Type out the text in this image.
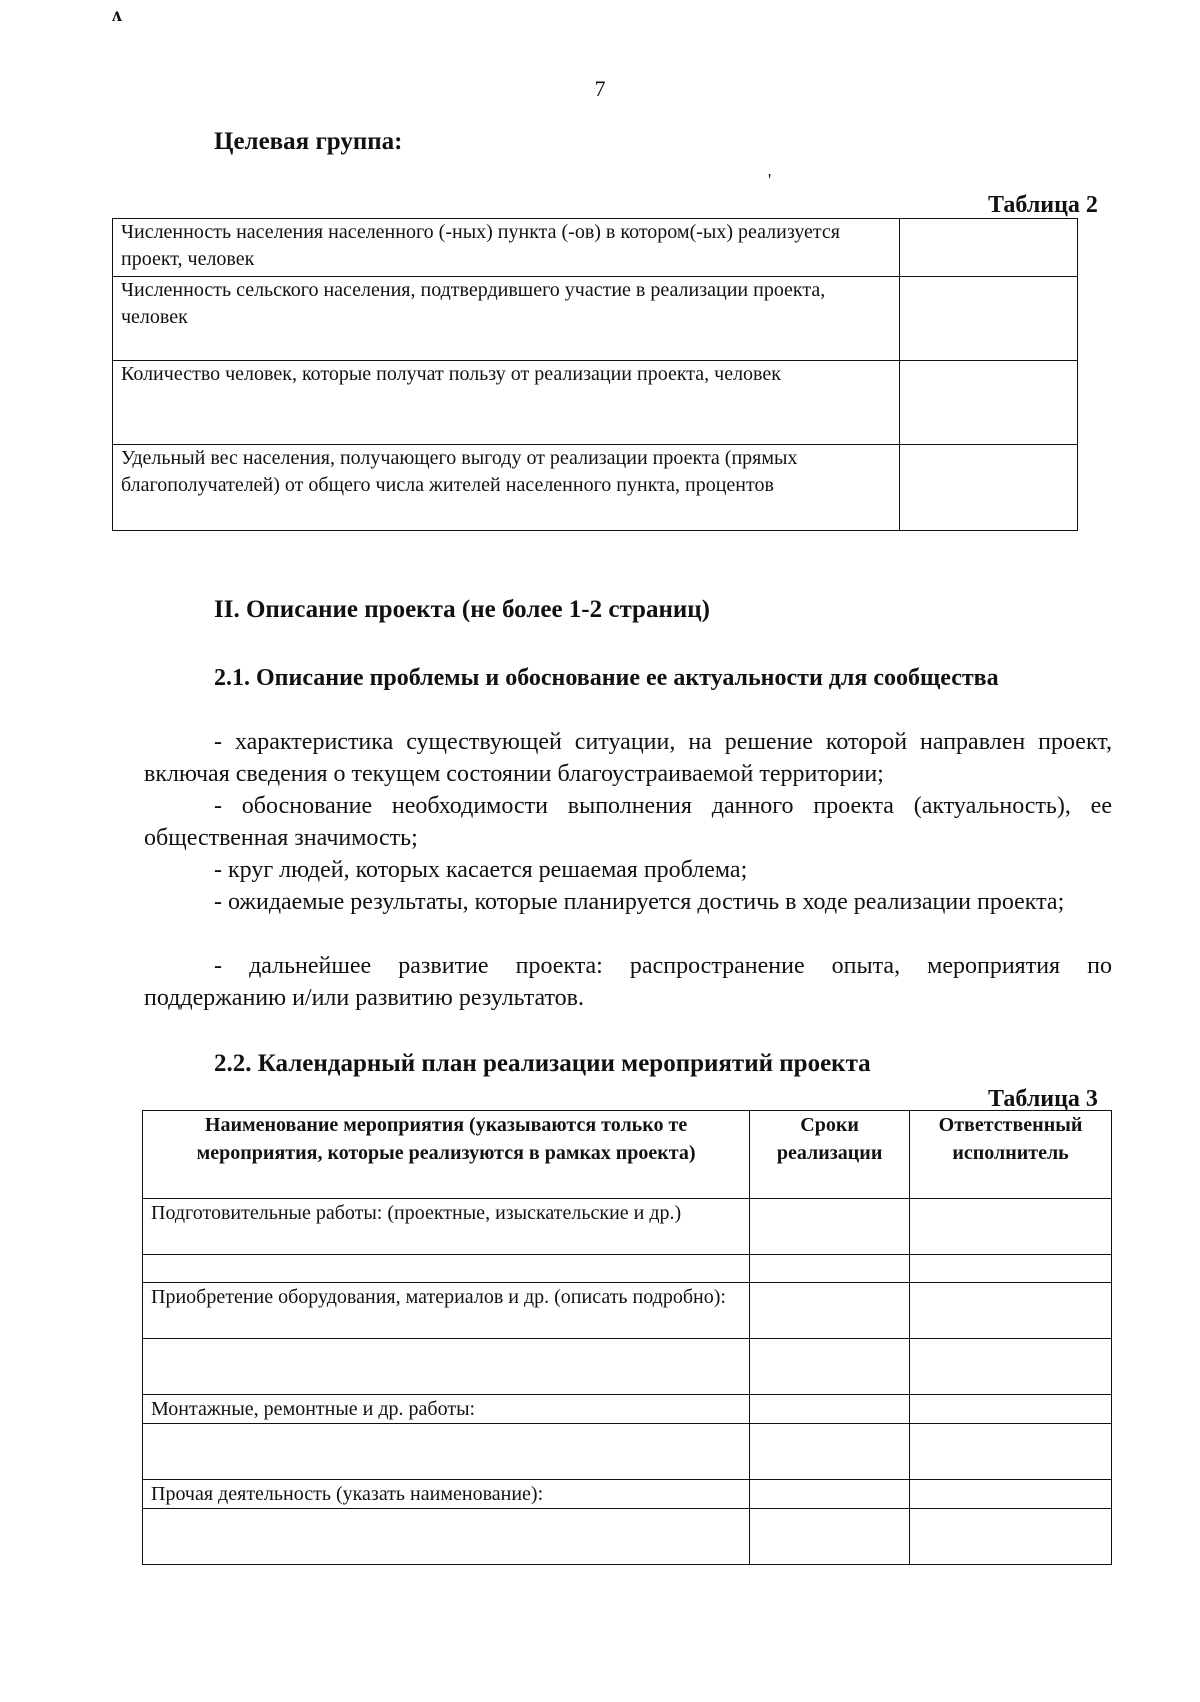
ʌ
7
Целевая группа:
'
Таблица 2
Численность населения населенного (-ных) пункта (-ов) в котором(-ых) реализуется проект, человек	
Численность сельского населения, подтвердившего участие в реализации проекта, человек	
Количество человек, которые получат пользу от реализации проекта, человек	
Удельный вес населения, получающего выгоду от реализации проекта (прямых благополучателей) от общего числа жителей населенного пункта, процентов	
II. Описание проекта (не более 1-2 страниц)
2.1. Описание проблемы и обоснование ее актуальности для сообщества
- характеристика существующей ситуации, на решение которой направлен проект, включая сведения о текущем состоянии благоустраиваемой территории;
- обоснование необходимости выполнения данного проекта (актуальность), ее общественная значимость;
- круг людей, которых касается решаемая проблема;
- ожидаемые результаты, которые планируется достичь в ходе реализации проекта;
- дальнейшее развитие проекта: распространение опыта, мероприятия по поддержанию и/или развитию результатов.
2.2. Календарный план реализации мероприятий проекта
Таблица 3
Наименование мероприятия (указываются только те мероприятия, которые реализуются в рамках проекта)	Сроки реализации	Ответственный исполнитель
Подготовительные работы: (проектные, изыскательские и др.)		

Приобретение оборудования, материалов и др. (описать подробно):		

Монтажные, ремонтные и др. работы:		

Прочая деятельность (указать наименование):		
